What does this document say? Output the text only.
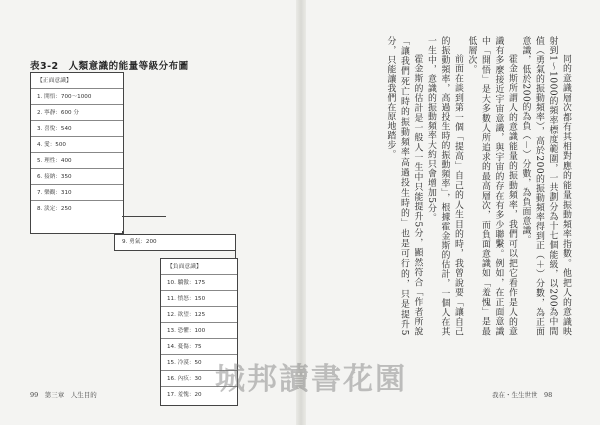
表3-2　人類意識的能量等級分布圖
【正面意識】
1. 開悟：700～1000
2. 寧靜：600 分
3. 喜悅：540
4. 愛：500
5. 理性：400
6. 接納：350
7. 樂觀：310
8. 淡定：250
9. 勇氣：200
【負面意識】
10. 驕傲：175
11. 憤怒：150
12. 欲望：125
13. 恐懼：100
14. 憂傷：75
15. 冷漠：50
16. 內疚：30
17. 羞愧：20
99　第三章　人生目的

同的意識層次都有其相對應的能量振動頻率指數。他把人的意識映射到1～1000的頻率標度範圍，一共劃分為十七個能級，以200為中間值（勇氣的振動頻率），高於200的振動頻率得到正（＋）分數，為正面意識，低於200的為負（－）分數，為負面意識。

霍金斯所謂人的意識能量的振動頻率，我們可以把它看作是人的意識有多麼接近宇宙意識，與宇宙的存在有多少聯繫。例如，在正面意識中「開悟」是大多數人所追求的最高層次，而負面意識如「羞愧」是最低層次。

前面在談到第一個「提高」自己的人生目的時，我曾說要「讓自己的振動頻率，高過投生時的振動頻率」，根據霍金斯的估計，一個人在其一生中，意識的振動頻率大約只會增加5分。

霍金斯的估計是一般人一生中只能提升5分，顯然符合「作者所說「讓我們死亡時的振動頻率高過投生時的」也是可行的，只是提升5分，只能讓我們在原地踏步。

我在・生生世世　98
城邦讀書花園
